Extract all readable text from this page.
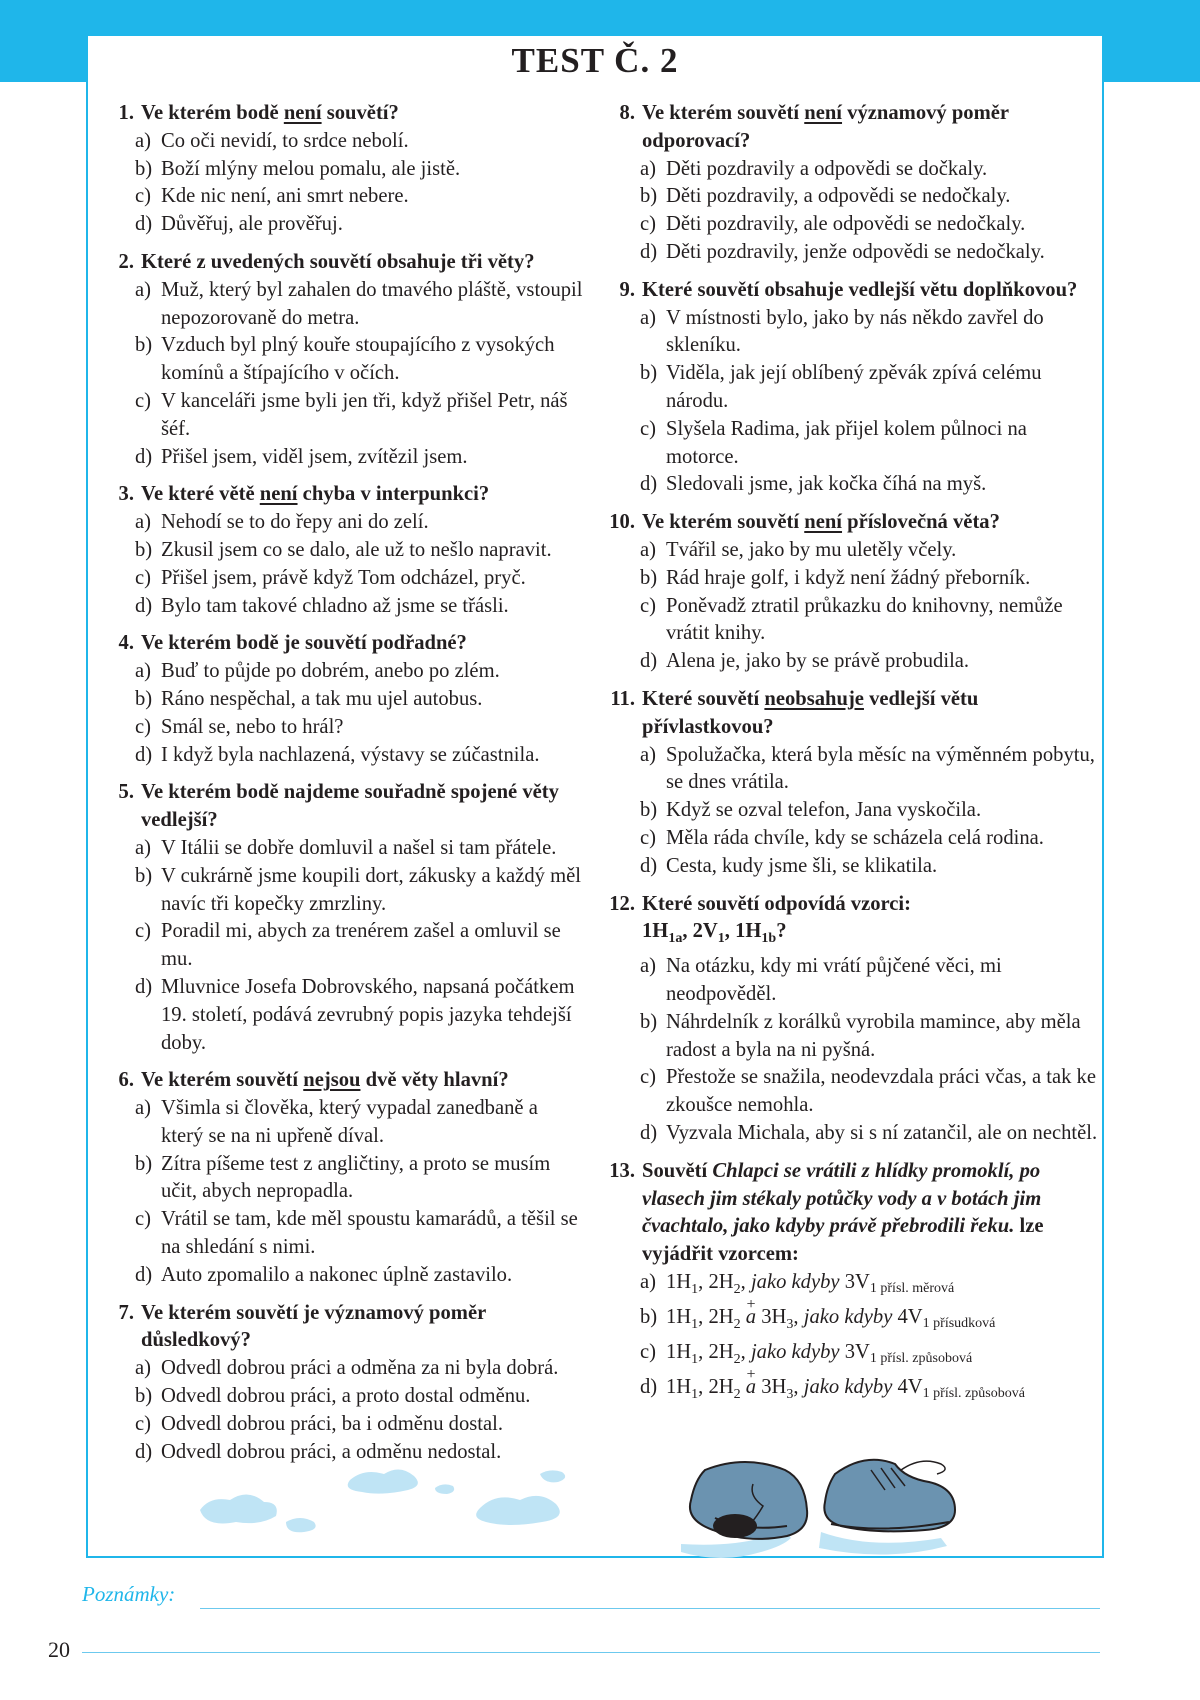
TEST Č. 2
1. Ve kterém bodě není souvětí?
a) Co oči nevidí, to srdce nebolí.
b) Boží mlýny melou pomalu, ale jistě.
c) Kde nic není, ani smrt nebere.
d) Důvěřuj, ale prověřuj.
2. Které z uvedených souvětí obsahuje tři věty?
a) Muž, který byl zahalen do tmavého pláště, vstoupil nepozorovaně do metra.
b) Vzduch byl plný kouře stoupajícího z vysokých komínů a štípajícího v očích.
c) V kanceláři jsme byli jen tři, když přišel Petr, náš šéf.
d) Přišel jsem, viděl jsem, zvítězil jsem.
3. Ve které větě není chyba v interpunkci?
a) Nehodí se to do řepy ani do zelí.
b) Zkusil jsem co se dalo, ale už to nešlo napravit.
c) Přišel jsem, právě když Tom odcházel, pryč.
d) Bylo tam takové chladno až jsme se třásli.
4. Ve kterém bodě je souvětí podřadné?
a) Buď to půjde po dobrém, anebo po zlém.
b) Ráno nespěchal, a tak mu ujel autobus.
c) Smál se, nebo to hrál?
d) I když byla nachlazená, výstavy se zúčastnila.
5. Ve kterém bodě najdeme souřadně spojené věty vedlejší?
a) V Itálii se dobře domluvil a našel si tam přátele.
b) V cukrárně jsme koupili dort, zákusky a každý měl navíc tři kopečky zmrzliny.
c) Poradil mi, abych za trenérem zašel a omluvil se mu.
d) Mluvnice Josefa Dobrovského, napsaná počátkem 19. století, podává zevrubný popis jazyka tehdejší doby.
6. Ve kterém souvětí nejsou dvě věty hlavní?
a) Všimla si člověka, který vypadal zanedbaně a který se na ni upřeně díval.
b) Zítra píšeme test z angličtiny, a proto se musím učit, abych nepropadla.
c) Vrátil se tam, kde měl spoustu kamarádů, a těšil se na shledání s nimi.
d) Auto zpomalilo a nakonec úplně zastavilo.
7. Ve kterém souvětí je významový poměr důsledkový?
a) Odvedl dobrou práci a odměna za ni byla dobrá.
b) Odvedl dobrou práci, a proto dostal odměnu.
c) Odvedl dobrou práci, ba i odměnu dostal.
d) Odvedl dobrou práci, a odměnu nedostal.
8. Ve kterém souvětí není významový poměr odporovací?
a) Děti pozdravily a odpovědi se dočkaly.
b) Děti pozdravily, a odpovědi se nedočkaly.
c) Děti pozdravily, ale odpovědi se nedočkaly.
d) Děti pozdravily, jenže odpovědi se nedočkaly.
9. Které souvětí obsahuje vedlejší větu doplňkovou?
a) V místnosti bylo, jako by nás někdo zavřel do skleníku.
b) Viděla, jak její oblíbený zpěvák zpívá celému národu.
c) Slyšela Radima, jak přijel kolem půlnoci na motorce.
d) Sledovali jsme, jak kočka číhá na myš.
10. Ve kterém souvětí není příslovečná věta?
a) Tvářil se, jako by mu uletěly včely.
b) Rád hraje golf, i když není žádný přeborník.
c) Poněvadž ztratil průkazku do knihovny, nemůže vrátit knihy.
d) Alena je, jako by se právě probudila.
11. Které souvětí neobsahuje vedlejší větu přívlastkovou?
a) Spolužačka, která byla měsíc na výměnném pobytu, se dnes vrátila.
b) Když se ozval telefon, Jana vyskočila.
c) Měla ráda chvíle, kdy se scházela celá rodina.
d) Cesta, kudy jsme šli, se klikatila.
12. Které souvětí odpovídá vzorci:
$1H_{1a}$, $2V_1$, $1H_{1b}$?
a) Na otázku, kdy mi vrátí půjčené věci, mi neodpověděl.
b) Náhrdelník z korálků vyrobila mamince, aby měla radost a byla na ni pyšná.
c) Přestože se snažila, neodevzdala práci včas, a tak ke zkoušce nemohla.
d) Vyzvala Michala, aby si s ní zatančil, ale on nechtěl.
13. Souvětí Chlapci se vrátili z hlídky promoklí, po vlasech jim stékaly potůčky vody a v botách jim čvachtalo, jako kdyby právě přebrodili řeku. lze vyjádřit vzorcem:
a) $1H_1$, $2H_2$, jako kdyby 3V1 přísl. měrová
b) $1H_1$, $2H_2 + a$ $3H_3$, jako kdyby 4V1 přísudková
c) $1H_1$, $2H_2$, jako kdyby 3V1 přísl. způsobová
d) $1H_1$, $2H_2 + a$ $3H_3$, jako kdyby 4V1 přísl. způsobová
Poznámky:
20
